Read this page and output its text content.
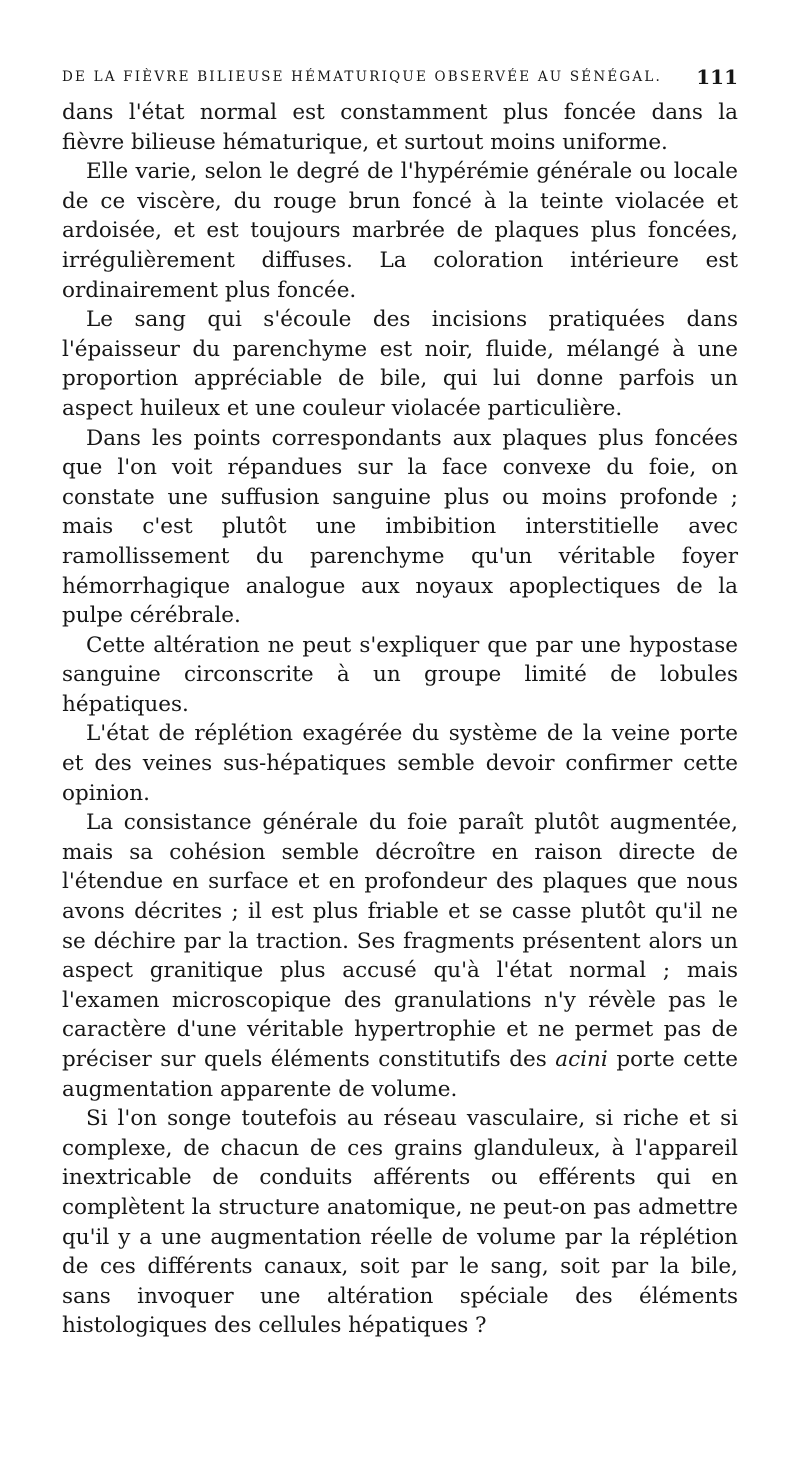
DE LA FIÈVRE BILIEUSE HÉMATURIQUE OBSERVÉE AU SÉNÉGAL. 111

dans l'état normal est constamment plus foncée dans la fièvre bilieuse hématurique, et surtout moins uniforme.

Elle varie, selon le degré de l'hypérémie générale ou locale de ce viscère, du rouge brun foncé à la teinte violacée et ardoisée, et est toujours marbrée de plaques plus foncées, irrégulièrement diffuses. La coloration intérieure est ordinairement plus foncée.

Le sang qui s'écoule des incisions pratiquées dans l'épaisseur du parenchyme est noir, fluide, mélangé à une proportion appréciable de bile, qui lui donne parfois un aspect huileux et une couleur violacée particulière.

Dans les points correspondants aux plaques plus foncées que l'on voit répandues sur la face convexe du foie, on constate une suffusion sanguine plus ou moins profonde ; mais c'est plutôt une imbibition interstitielle avec ramollissement du parenchyme qu'un véritable foyer hémorrhagique analogue aux noyaux apoplectiques de la pulpe cérébrale.

Cette altération ne peut s'expliquer que par une hypostase sanguine circonscrite à un groupe limité de lobules hépatiques.

L'état de réplétion exagérée du système de la veine porte et des veines sus-hépatiques semble devoir confirmer cette opinion.

La consistance générale du foie paraît plutôt augmentée, mais sa cohésion semble décroître en raison directe de l'étendue en surface et en profondeur des plaques que nous avons décrites ; il est plus friable et se casse plutôt qu'il ne se déchire par la traction. Ses fragments présentent alors un aspect granitique plus accusé qu'à l'état normal ; mais l'examen microscopique des granulations n'y révèle pas le caractère d'une véritable hypertrophie et ne permet pas de préciser sur quels éléments constitutifs des acini porte cette augmentation apparente de volume.

Si l'on songe toutefois au réseau vasculaire, si riche et si complexe, de chacun de ces grains glanduleux, à l'appareil inextricable de conduits afférents ou efférents qui en complètent la structure anatomique, ne peut-on pas admettre qu'il y a une augmentation réelle de volume par la réplétion de ces différents canaux, soit par le sang, soit par la bile, sans invoquer une altération spéciale des éléments histologiques des cellules hépatiques ?
